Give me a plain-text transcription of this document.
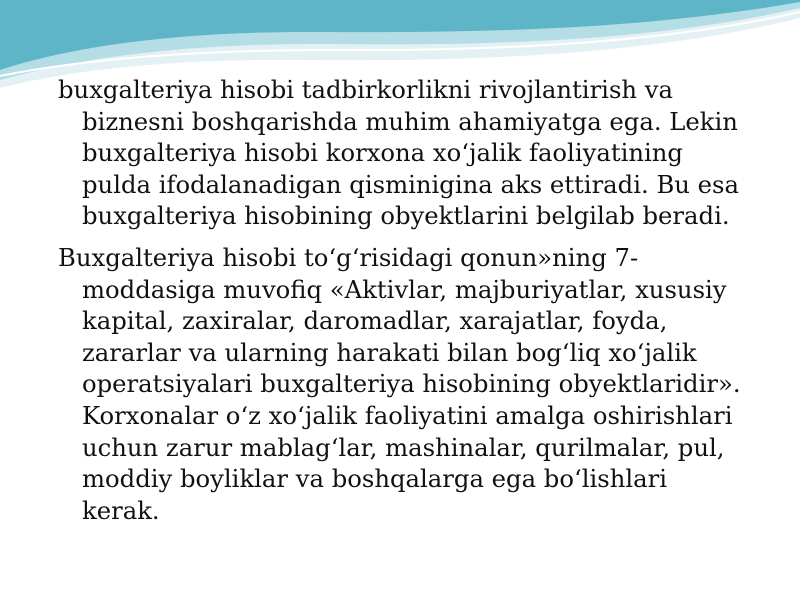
buxgalteriya hisobi tadbirkorlikni rivojlantirish va biznesni boshqarishda muhim ahamiyatga ega. Lekin buxgalteriya hisobi korxona xoʻjalik faoliyatining pulda ifodalanadigan qisminigina aks ettiradi. Bu esa buxgalteriya hisobining obyektlarini belgilab beradi.

Buxgalteriya hisobi toʻgʻrisidagi qonun»ning 7-moddasiga muvofiq «Aktivlar, majburiyatlar, xususiy kapital, zaxiralar, daromadlar, xarajatlar, foyda, zararlar va ularning harakati bilan bogʻliq xoʻjalik operatsiyalari buxgalteriya hisobining obyektlaridir». Korxonalar oʻz xoʻjalik faoliyatini amalga oshirishlari uchun zarur mablagʻlar, mashinalar, qurilmalar, pul, moddiy boyliklar va boshqalarga ega boʻlishlari kerak.
